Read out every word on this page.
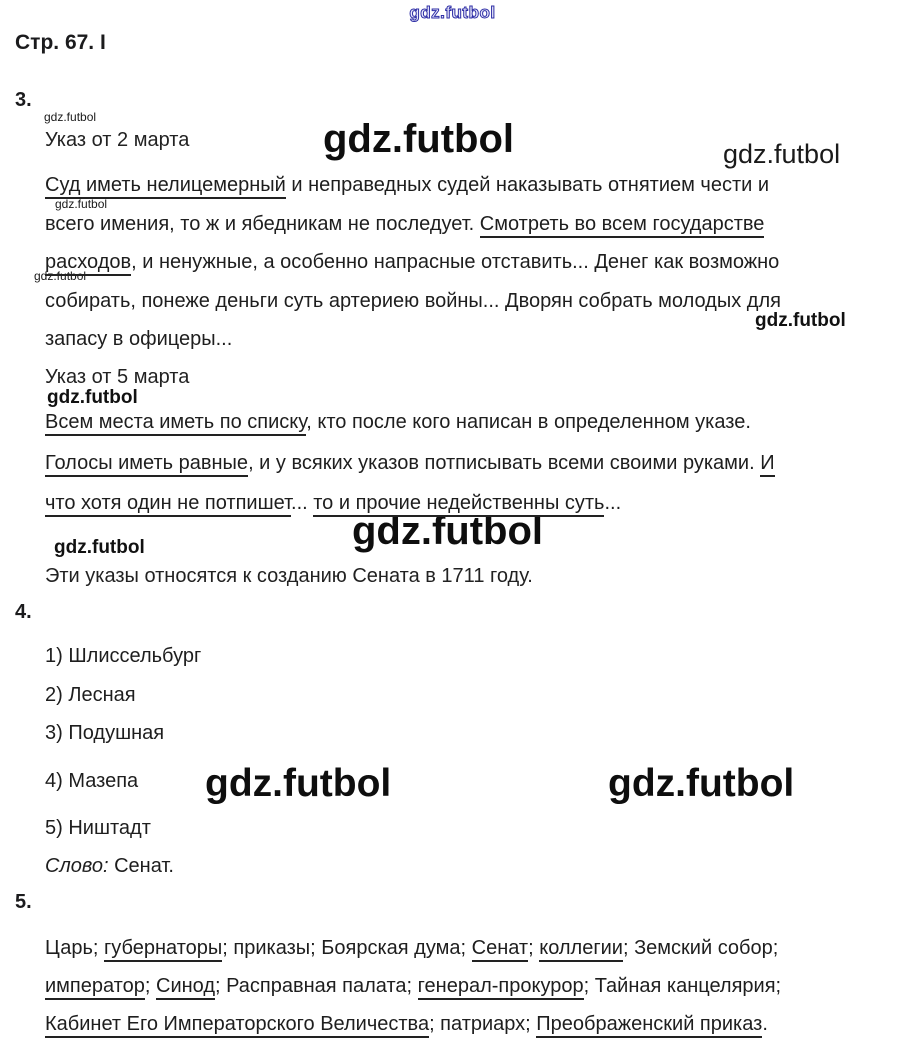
gdz.futbol
gdz.futbol	gdz.futbol	gdz.futbol
gdz.futbol
gdz.futbol
gdz.futbol
gdz.futbol
gdz.futbol
gdz.futbol
gdz.futbol	gdz.futbol
Стр. 67. I
3.
Указ от 2 марта
Суд иметь нелицемерный и неправедных судей наказывать отнятием чести и
всего имения, то ж и ябедникам не последует. Смотреть во всем государстве
расходов, и ненужные, а особенно напрасные отставить... Денег как возможно
собирать, понеже деньги суть артериею войны... Дворян собрать молодых для
запасу в офицеры...
Указ от 5 марта
Всем места иметь по списку, кто после кого написан в определенном указе.
Голосы иметь равные, и у всяких указов потписывать всеми своими руками. И
что хотя один не потпишет... то и прочие недейственны суть...
Эти указы относятся к созданию Сената в 1711 году.
4.
1) Шлиссельбург
2) Лесная
3) Подушная
4) Мазепа
5) Ништадт
Слово: Сенат.
5.
Царь; губернаторы; приказы; Боярская дума; Сенат; коллегии; Земский собор;
император; Синод; Расправная палата; генерал-прокурор; Тайная канцелярия;
Кабинет Его Императорского Величества; патриарх; Преображенский приказ.
